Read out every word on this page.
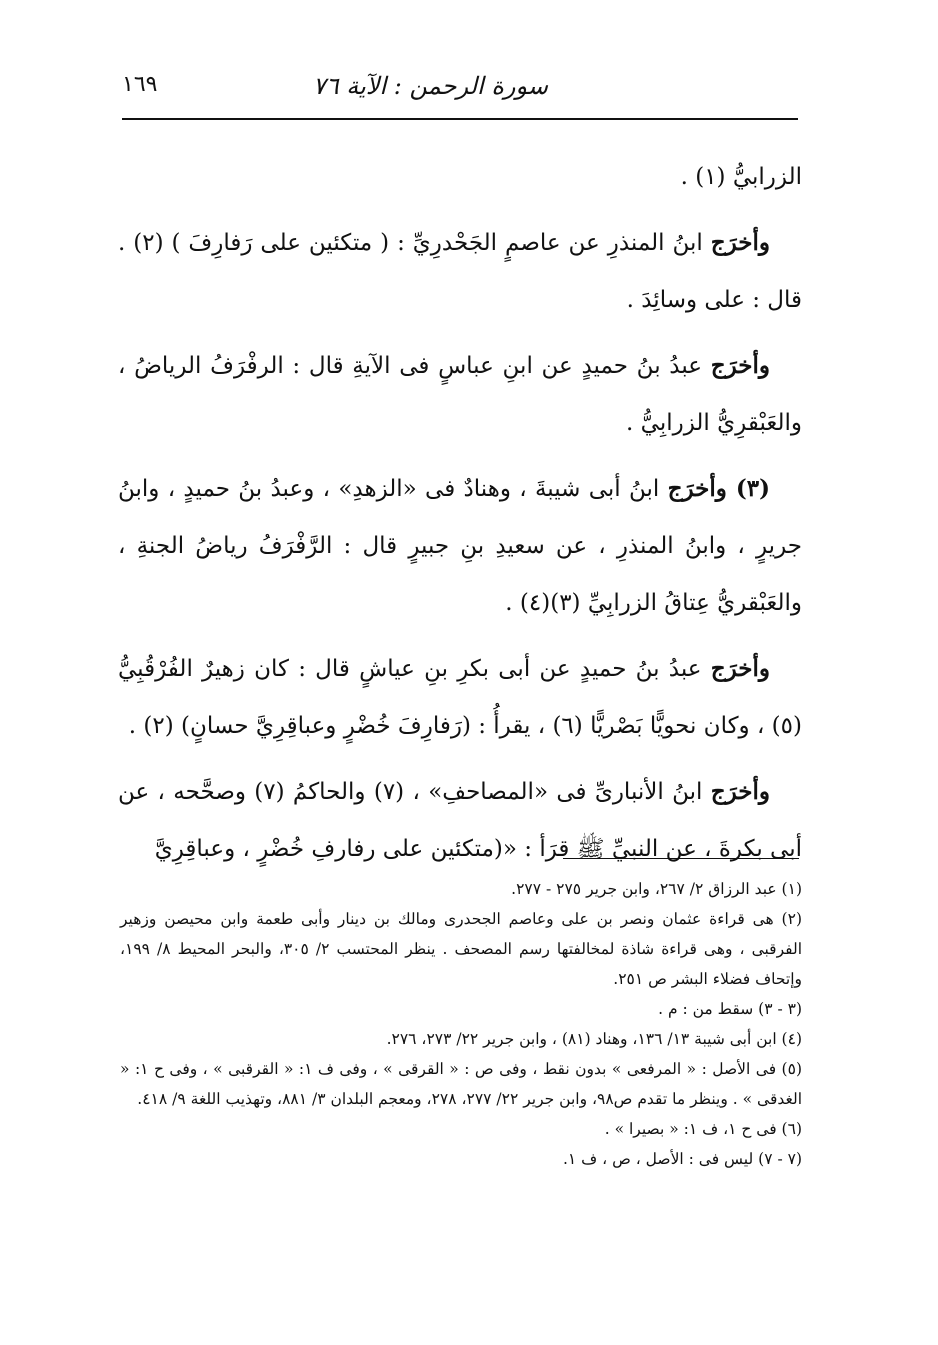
١٦٩	سورة الرحمن : الآية ٧٦

الزرابيُّ (١) .

وأخرَج ابنُ المنذرِ عن عاصمٍ الجَحْدرِيِّ : ( متكئين على رَفارِفَ ) (٢) . قال : على وسائِدَ .

وأخرَج عبدُ بنُ حميدٍ عن ابنِ عباسٍ فى الآيةِ قال : الرفْرَفُ الرياضُ ، والعَبْقرِيُّ الزرابِيُّ .

(٣) وأخرَج ابنُ أبى شيبةَ ، وهنادٌ فى «الزهدِ» ، وعبدُ بنُ حميدٍ ، وابنُ جريرٍ ، وابنُ المنذرِ ، عن سعيدِ بنِ جبيرٍ قال : الرَّفْرَفُ رياضُ الجنةِ ، والعَبْقريُّ عِتاقُ الزرابِيِّ (٣)(٤) .

وأخرَج عبدُ بنُ حميدٍ عن أبى بكرِ بنِ عياشٍ قال : كان زهيرٌ الفُرْقُبِيُّ (٥) ، وكان نحويًّا بَصْريًّا (٦) ، يقرأُ : (رَفارِفَ خُضْرٍ وعباقِرِيَّ حسانٍ) (٢) .

وأخرَج ابنُ الأنبارىِّ فى «المصاحفِ» ، (٧) والحاكمُ (٧) وصحَّحه ، عن أبى بكرةَ ، عن النبيِّ ﷺ قرَأ : «(متكئين على رفارفِ خُضْرٍ ، وعباقِرِيَّ

(١) عبد الرزاق ٢/ ٢٦٧، وابن جرير ٢٧٥ - ٢٧٧.

(٢) هى قراءة عثمان ونصر بن على وعاصم الجحدرى ومالك بن دينار وأبى طعمة وابن محيصن وزهير الفرقبى ، وهى قراءة شاذة لمخالفتها رسم المصحف . ينظر المحتسب ٢/ ٣٠٥، والبحر المحيط ٨/ ١٩٩، وإتحاف فضلاء البشر ص ٢٥١.

(٣ - ٣) سقط من : م .

(٤) ابن أبى شيبة ١٣/ ١٣٦، وهناد (٨١) ، وابن جرير ٢٢/ ٢٧٣، ٢٧٦.

(٥) فى الأصل : « المرفعى » بدون نقط ، وفى ص : « القرقى » ، وفى ف ١: « القرقبى » ، وفى ح ١: « الغدقى » . وينظر ما تقدم ص٩٨، وابن جرير ٢٢/ ٢٧٧، ٢٧٨، ومعجم البلدان ٣/ ٨٨١، وتهذيب اللغة ٩/ ٤١٨.

(٦) فى ح ١، ف ١: « بصيرا » .

(٧ - ٧) ليس فى : الأصل ، ص ، ف ١.
